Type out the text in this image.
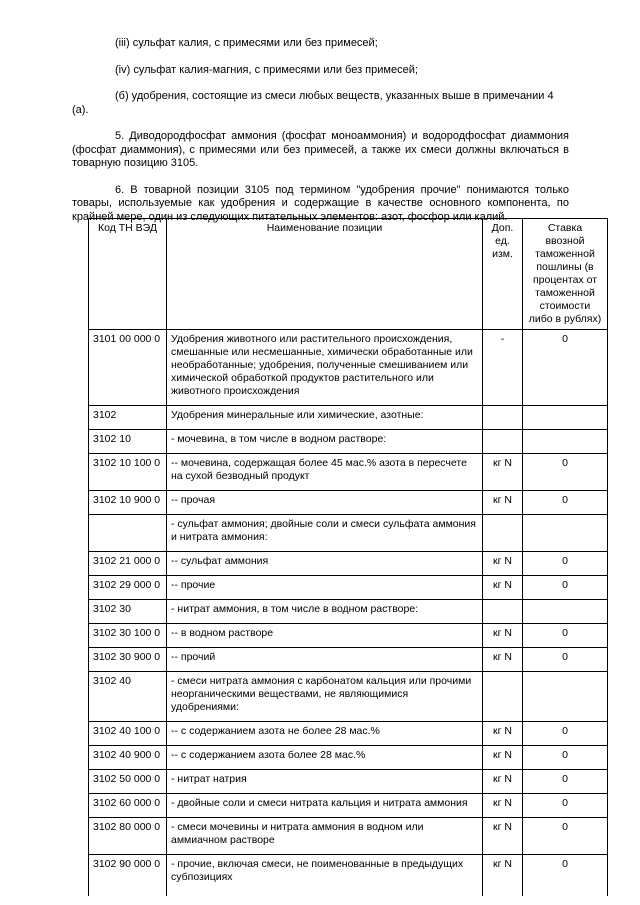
(iii) сульфат калия, с примесями или без примесей;

(iv) сульфат калия-магния, с примесями или без примесей;

(б) удобрения, состоящие из смеси любых веществ, указанных выше в примечании 4 (а).

5. Диводородфосфат аммония (фосфат моноаммония) и водородфосфат диаммония (фосфат диаммония), с примесями или без примесей, а также их смеси должны включаться в товарную позицию 3105.

6. В товарной позиции 3105 под термином "удобрения прочие" понимаются только товары, используемые как удобрения и содержащие в качестве основного компонента, по крайней мере, один из следующих питательных элементов: азот, фосфор или калий.

Код ТН ВЭД	Наименование позиции	Доп. ед. изм.	Ставка ввозной таможенной пошлины (в процентах от таможенной стоимости либо в рублях)
3101 00 000 0	Удобрения животного или растительного происхождения, смешанные или несмешанные, химически обработанные или необработанные; удобрения, полученные смешиванием или химической обработкой продуктов растительного или животного происхождения	-	0
3102	Удобрения минеральные или химические, азотные:		
3102 10	- мочевина, в том числе в водном растворе:		
3102 10 100 0	-- мочевина, содержащая более 45 мас.% азота в пересчете на сухой безводный продукт	кг N	0
3102 10 900 0	-- прочая	кг N	0
	- сульфат аммония; двойные соли и смеси сульфата аммония и нитрата аммония:		
3102 21 000 0	-- сульфат аммония	кг N	0
3102 29 000 0	-- прочие	кг N	0
3102 30	- нитрат аммония, в том числе в водном растворе:		
3102 30 100 0	-- в водном растворе	кг N	0
3102 30 900 0	-- прочий	кг N	0
3102 40	- смеси нитрата аммония с карбонатом кальция или прочими неорганическими веществами, не являющимися удобрениями:		
3102 40 100 0	-- с содержанием азота не более 28 мас.%	кг N	0
3102 40 900 0	-- с содержанием азота более 28 мас.%	кг N	0
3102 50 000 0	- нитрат натрия	кг N	0
3102 60 000 0	- двойные соли и смеси нитрата кальция и нитрата аммония	кг N	0
3102 80 000 0	- смеси мочевины и нитрата аммония в водном или аммиачном растворе	кг N	0
3102 90 000 0	- прочие, включая смеси, не поименованные в предыдущих субпозициях	кг N	0
